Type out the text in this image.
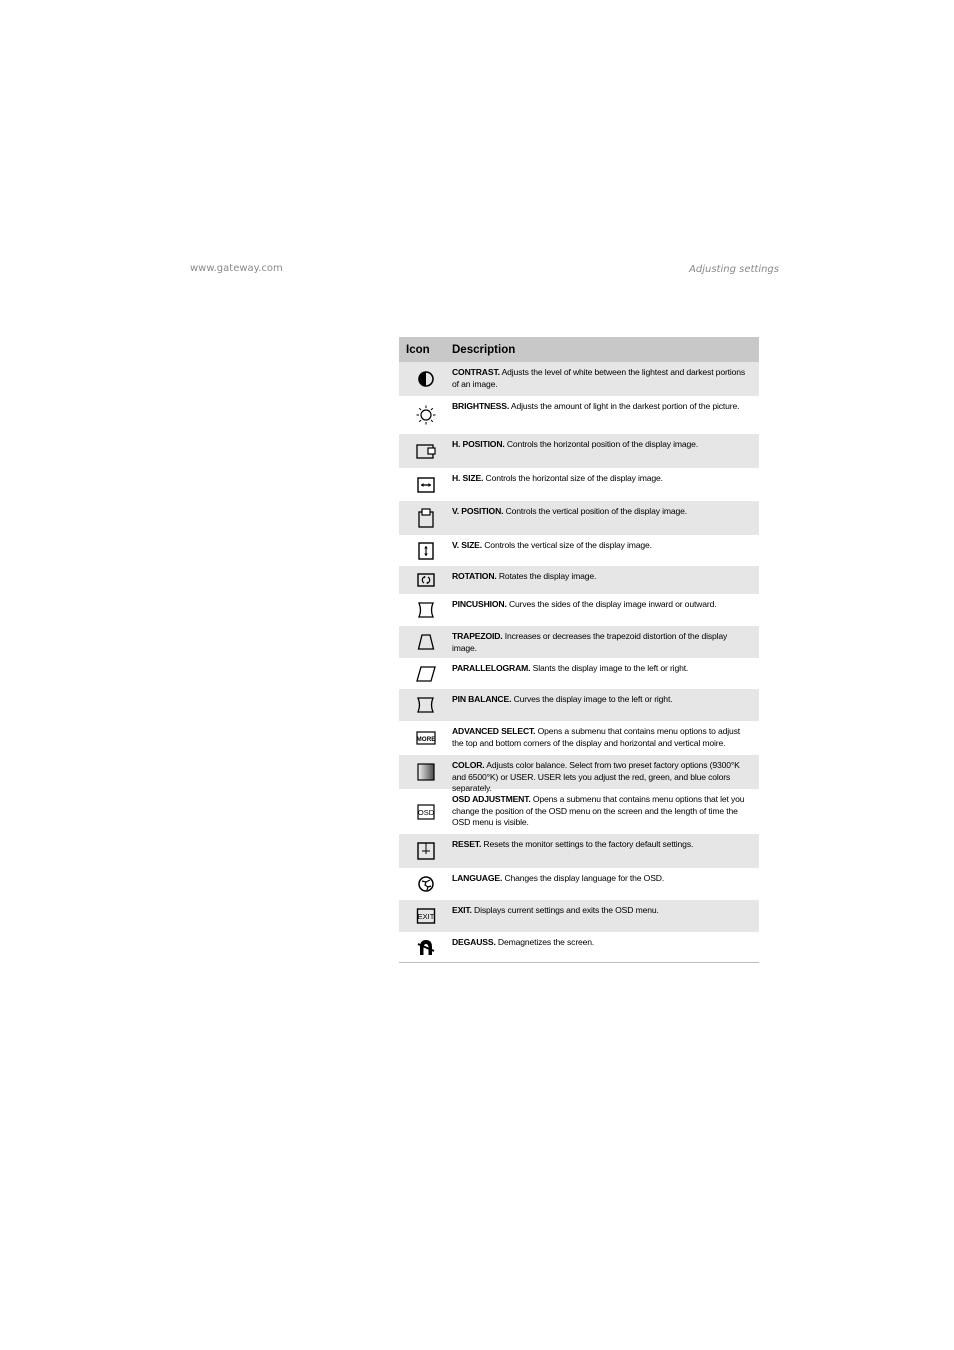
www.gateway.com	Adjusting settings
Icon	Description
CONTRAST. Adjusts the level of white between the lightest and darkest portions of an image.
BRIGHTNESS. Adjusts the amount of light in the darkest portion of the picture.
H. POSITION. Controls the horizontal position of the display image.
H. SIZE. Controls the horizontal size of the display image.
V. POSITION. Controls the vertical position of the display image.
V. SIZE. Controls the vertical size of the display image.
ROTATION. Rotates the display image.
PINCUSHION. Curves the sides of the display image inward or outward.
TRAPEZOID. Increases or decreases the trapezoid distortion of the display image.
PARALLELOGRAM. Slants the display image to the left or right.
PIN BALANCE. Curves the display image to the left or right.
MORE
ADVANCED SELECT. Opens a submenu that contains menu options to adjust the top and bottom corners of the display and horizontal and vertical moire.
COLOR. Adjusts color balance. Select from two preset factory options (9300°K and 6500°K) or USER. USER lets you adjust the red, green, and blue colors separately.
OSD
OSD ADJUSTMENT. Opens a submenu that contains menu options that let you change the position of the OSD menu on the screen and the length of time the OSD menu is visible.
RESET. Resets the monitor settings to the factory default settings.
LANGUAGE. Changes the display language for the OSD.
EXIT
EXIT. Displays current settings and exits the OSD menu.
DEGAUSS. Demagnetizes the screen.
